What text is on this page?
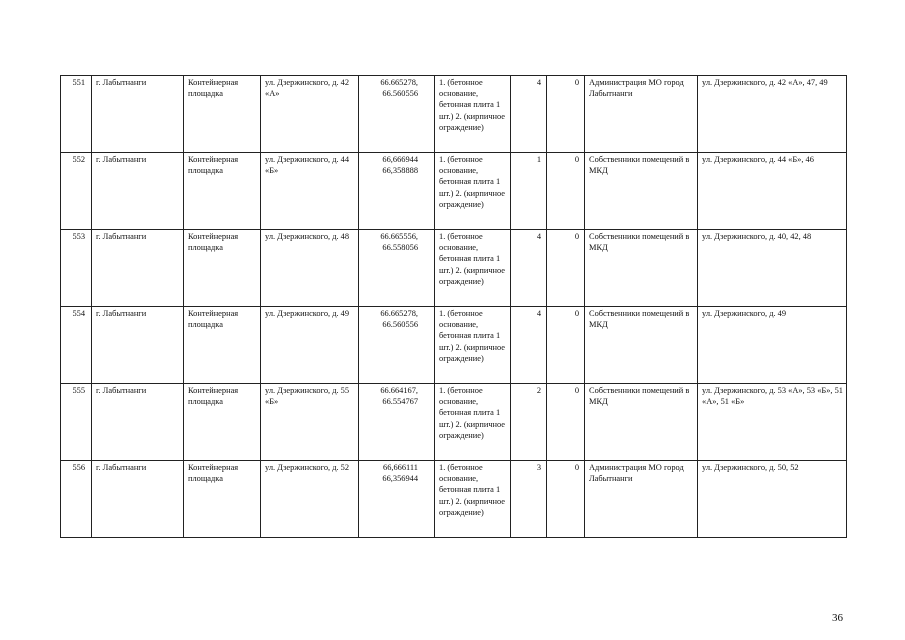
551	г. Лабытнанги	Контейнерная площадка	ул. Дзержинского, д. 42 «А»	66.665278, 66.560556	1. (бетонное основание, бетонная плита 1 шт.) 2. (кирпичное ограждение)	4	0	Администрация МО город Лабытнанги	ул. Дзержинского, д. 42 «А», 47, 49
552	г. Лабытнанги	Контейнерная площадка	ул. Дзержинского, д. 44 «Б»	66,666944 66,358888	1. (бетонное основание, бетонная плита 1 шт.) 2. (кирпичное ограждение)	1	0	Собственники помещений в МКД	ул. Дзержинского, д. 44 «Б», 46
553	г. Лабытнанги	Контейнерная площадка	ул. Дзержинского, д. 48	66.665556, 66.558056	1. (бетонное основание, бетонная плита 1 шт.) 2. (кирпичное ограждение)	4	0	Собственники помещений в МКД	ул. Дзержинского, д. 40, 42, 48
554	г. Лабытнанги	Контейнерная площадка	ул. Дзержинского, д. 49	66.665278, 66.560556	1. (бетонное основание, бетонная плита 1 шт.) 2. (кирпичное ограждение)	4	0	Собственники помещений в МКД	ул. Дзержинского, д. 49
555	г. Лабытнанги	Контейнерная площадка	ул. Дзержинского, д. 55 «Б»	66.664167, 66.554767	1. (бетонное основание, бетонная плита 1 шт.) 2. (кирпичное ограждение)	2	0	Собственники помещений в МКД	ул. Дзержинского, д. 53 «А», 53 «Б», 51 «А», 51 «Б»
556	г. Лабытнанги	Контейнерная площадка	ул. Дзержинского, д. 52	66,666111 66,356944	1. (бетонное основание, бетонная плита 1 шт.) 2. (кирпичное ограждение)	3	0	Администрация МО город Лабытнанги	ул. Дзержинского, д. 50, 52
36
